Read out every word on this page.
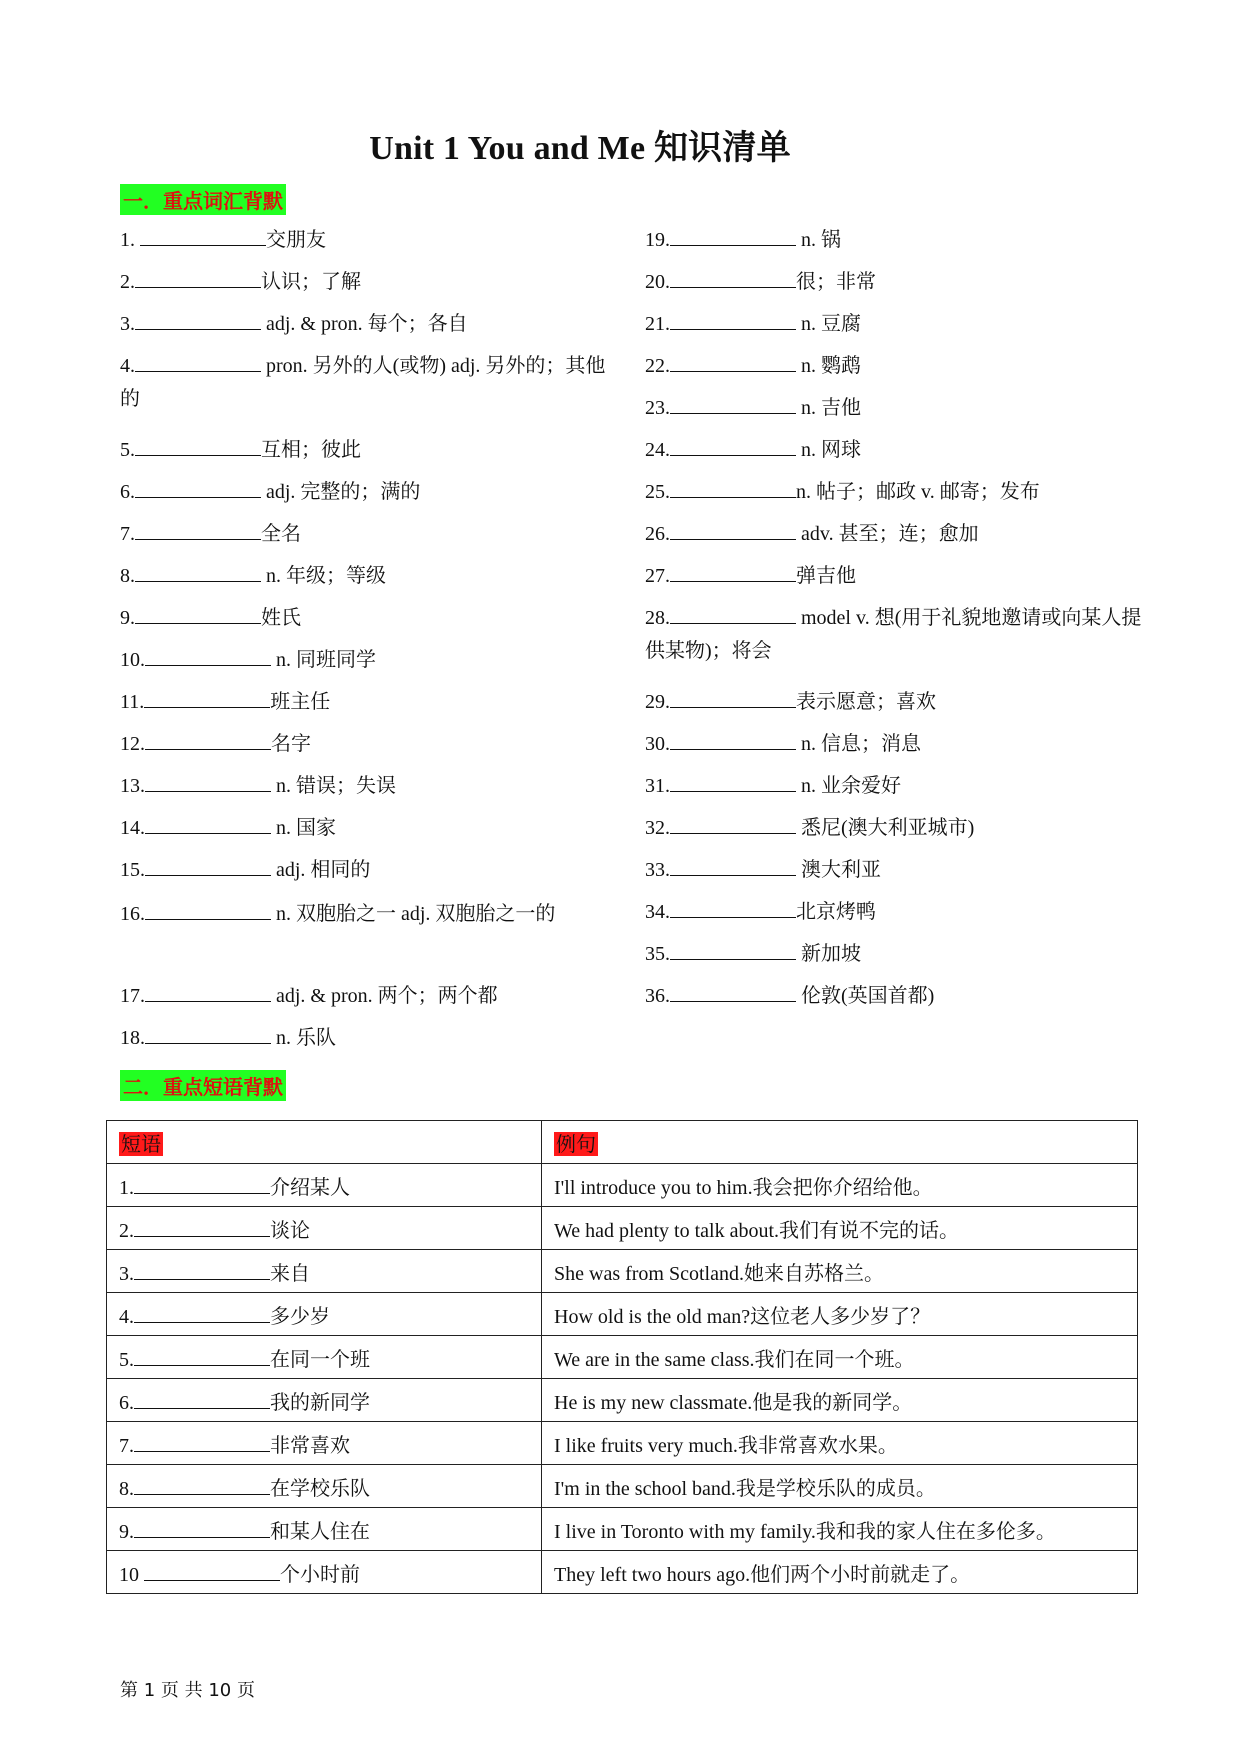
Unit 1 You and Me 知识清单
一．重点词汇背默
1.	交朋友
2.	认识；了解
3.	adj. & pron. 每个；各自
4.	pron. 另外的人(或物) adj. 另外的；其他的
5.	互相；彼此
6.	adj. 完整的；满的
7.	全名
8.	n. 年级；等级
9.	姓氏
10.	n. 同班同学
11.	班主任
12.	名字
13.	n. 错误；失误
14.	n. 国家
15.	adj. 相同的
16.	n. 双胞胎之一 adj. 双胞胎之一的
17.	adj. & pron. 两个；两个都
18.	n. 乐队
19.	n. 锅
20.	很；非常
21.	n. 豆腐
22.	n. 鹦鹉
23.	n. 吉他
24.	n. 网球
25.	n. 帖子；邮政 v. 邮寄；发布
26.	adv. 甚至；连；愈加
27.	弹吉他
28.	model v. 想(用于礼貌地邀请或向某人提供某物)；将会
29.	表示愿意；喜欢
30.	n. 信息；消息
31.	n. 业余爱好
32.	悉尼(澳大利亚城市)
33.	澳大利亚
34.	北京烤鸭
35.	新加坡
36.	伦敦(英国首都)
二．重点短语背默
短语	例句
1. 介绍某人	I'll introduce you to him.我会把你介绍给他。
2. 谈论	We had plenty to talk about.我们有说不完的话。
3. 来自	She was from Scotland.她来自苏格兰。
4. 多少岁	How old is the old man?这位老人多少岁了？
5. 在同一个班	We are in the same class.我们在同一个班。
6. 我的新同学	He is my new classmate.他是我的新同学。
7. 非常喜欢	I like fruits very much.我非常喜欢水果。
8. 在学校乐队	I'm in the school band.我是学校乐队的成员。
9. 和某人住在	I live in Toronto with my family.我和我的家人住在多伦多。
10 个小时前	They left two hours ago.他们两个小时前就走了。
第 1 页 共 10 页
